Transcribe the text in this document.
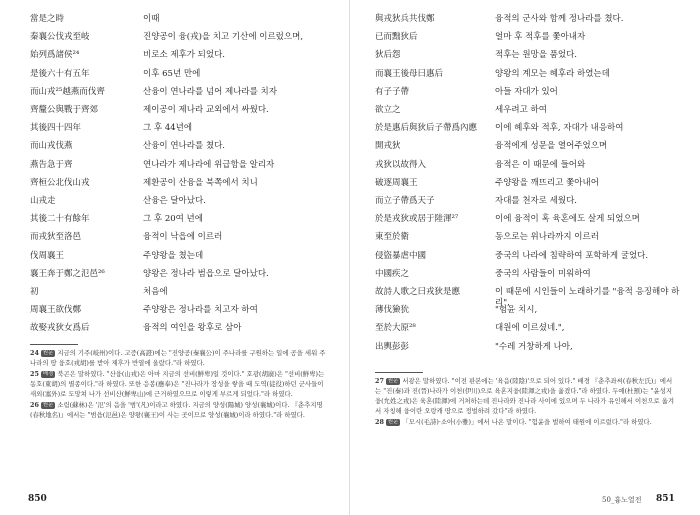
850	50_흉노열전 851
當是之時	이때
秦襄公伐戎至岐	진양공이 융(戎)을 치고 기산에 이르렀으며,
始列爲諸侯²⁴	비로소 제후가 되었다.
是後六十有五年	이후 65년 만에
而山戎²⁵越燕而伐齊	산융이 연나라를 넘어 제나라를 치자
齊釐公與戰于齊郊	제이공이 제나라 교외에서 싸웠다.
其後四十四年	그 후 44년에
而山戎伐燕	산융이 연나라를 쳤다.
燕告急于齊	연나라가 제나라에 위급함을 알리자
齊桓公北伐山戎	제환공이 산융을 북쪽에서 치니
山戎走	산융은 달아났다.
其後二十有餘年	그 후 20여 년에
而戎狄至洛邑	융적이 낙읍에 이르러
伐周襄王	주양왕을 쳤는데
襄王奔于鄭之氾邑²⁶	양왕은 정나라 범읍으로 달아났다.
初	처음에
周襄王欲伐鄭	주양왕은 정나라를 치고자 하여
故娶戎狄女爲后	융적의 여인을 왕후로 삼아
24 원문 지금의 기주(岐州)이다. 고증(高證)에는 "진양공(秦襄公)이 주나라를 구원하는 일에 공을 세워 주나라의 땅 융호(戎胡)를 받아 제후가 반열에 올랐다."라 하였다.
25 배경 북곤은 말하였다. "산융(山戎)은 아마 지금의 선비(鮮卑)일 것이다." 호광(胡廣)은 "선비(鮮卑)는 동호(東胡)의 별종이다."라 하였다. 또한 응봉(應奉)은 "진나라가 장성을 쌓을 때 도역(徒役)하던 군사들이 새외(塞外)로 도망쳐 나가 선비산(鮮卑山)에 근거하였으므로 이렇게 부르게 되었다."라 하였다.
26 원문 소림(蘇林)은 '氾'의 음을 '범'(凡)이라고 하였다. 지금의 양성(陽城) 양성(襄城)이다. 『춘추지명(春秋地名)』에서는 "범읍(氾邑)은 양왕(襄王)이 사는 곳이므로 양성(襄城)이라 하였다."라 하였다.
與戎狄兵共伐鄭	융적의 군사와 함께 정나라를 쳤다.
已而黜狄后	얼마 후 적후를 쫓아내자
狄后怨	적후는 원망을 품었다.
而襄王後母曰惠后	양왕의 계모는 혜후라 하였는데
有子子帶	아들 자대가 있어
欲立之	세우려고 하여
於是惠后與狄后子帶爲內應	이에 혜후와 적후, 자대가 내응하여
開戎狄	융적에게 성문을 열어주었으며
戎狄以故得入	융적은 이 때문에 들어와
破逐周襄王	주양왕을 깨뜨리고 쫓아내어
而立子帶爲天子	자대를 천자로 세웠다.
於是戎狄或居于陸渾²⁷	이에 융적이 혹 육혼에도 살게 되었으며
東至於衛	동으로는 위나라까지 이르러
侵盜暴虐中國	중국의 나라에 침략하여 포학하게 굴었다.
中國疾之	중국의 사람들이 미워하여
故詩人歌之曰戎狄是應	이 때문에 시인들이 노래하기를 "융적 응징해야 하리",
薄伐獫狁	"험윤 치시,
至於大原²⁸	대원에 이르셨네.",
出輿彭彭	"수레 거창하게 나아,
27 원문 서광은 말하였다. "이전 판본에는 '육음(陸陰)'으로 되어 있다." 배경 『춘추좌씨(春秋左氏)』에서는 "진(秦)과 진(晉)나라가 이천(伊川)으로 육혼지융(陸渾之戎)을 옮겼다."라 하였다. 두예(杜預)는 "윤성지융(允姓之戎)은 육혼(陸渾)에 거처하는데 진나라와 진나라 사이에 있으며 두 나라가 유인해서 이천으로 옮겨서 자칭해 융이란 오랑캐 땅으로 정벌하려 갔다"라 하였다.
28 원문 「모시(毛詩)·소아(小雅)」에서 나온 말이다. "험윤을 벌하여 태원에 이르렀다."라 하였다.
